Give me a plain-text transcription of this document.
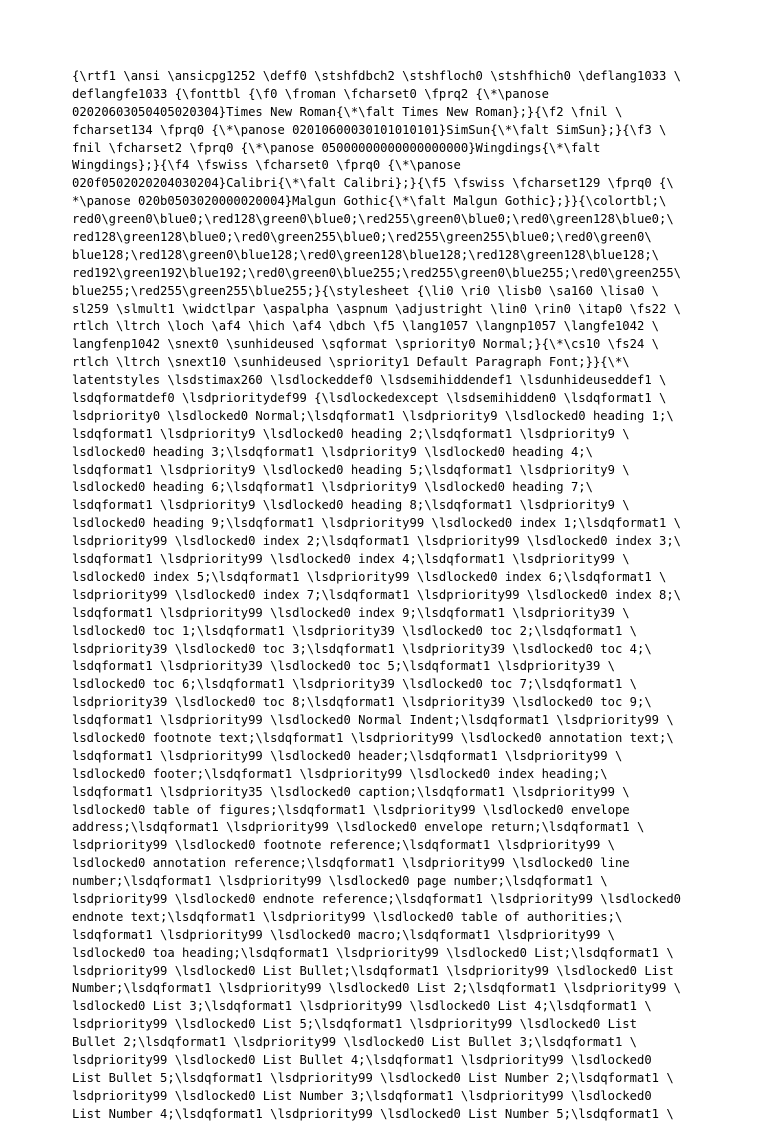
{\rtf1 \ansi \ansicpg1252 \deff0 \stshfdbch2 \stshfloch0 \stshfhich0 \deflang1033 \
deflangfe1033 {\fonttbl {\f0 \froman \fcharset0 \fprq2 {\*\panose
02020603050405020304}Times New Roman{\*\falt Times New Roman};}{\f2 \fnil \
fcharset134 \fprq0 {\*\panose 02010600030101010101}SimSun{\*\falt SimSun};}{\f3 \
fnil \fcharset2 \fprq0 {\*\panose 05000000000000000000}Wingdings{\*\falt
Wingdings};}{\f4 \fswiss \fcharset0 \fprq0 {\*\panose
020f0502020204030204}Calibri{\*\falt Calibri};}{\f5 \fswiss \fcharset129 \fprq0 {\
*\panose 020b0503020000020004}Malgun Gothic{\*\falt Malgun Gothic};}}{\colortbl;\
red0\green0\blue0;\red128\green0\blue0;\red255\green0\blue0;\red0\green128\blue0;\
red128\green128\blue0;\red0\green255\blue0;\red255\green255\blue0;\red0\green0\
blue128;\red128\green0\blue128;\red0\green128\blue128;\red128\green128\blue128;\
red192\green192\blue192;\red0\green0\blue255;\red255\green0\blue255;\red0\green255\
blue255;\red255\green255\blue255;}{\stylesheet {\li0 \ri0 \lisb0 \sa160 \lisa0 \
sl259 \slmult1 \widctlpar \aspalpha \aspnum \adjustright \lin0 \rin0 \itap0 \fs22 \
rtlch \ltrch \loch \af4 \hich \af4 \dbch \f5 \lang1057 \langnp1057 \langfe1042 \
langfenp1042 \snext0 \sunhideused \sqformat \spriority0 Normal;}{\*\cs10 \fs24 \
rtlch \ltrch \snext10 \sunhideused \spriority1 Default Paragraph Font;}}{\*\
latentstyles \lsdstimax260 \lsdlockeddef0 \lsdsemihiddendef1 \lsdunhideuseddef1 \
lsdqformatdef0 \lsdprioritydef99 {\lsdlockedexcept \lsdsemihidden0 \lsdqformat1 \
lsdpriority0 \lsdlocked0 Normal;\lsdqformat1 \lsdpriority9 \lsdlocked0 heading 1;\
lsdqformat1 \lsdpriority9 \lsdlocked0 heading 2;\lsdqformat1 \lsdpriority9 \
lsdlocked0 heading 3;\lsdqformat1 \lsdpriority9 \lsdlocked0 heading 4;\
lsdqformat1 \lsdpriority9 \lsdlocked0 heading 5;\lsdqformat1 \lsdpriority9 \
lsdlocked0 heading 6;\lsdqformat1 \lsdpriority9 \lsdlocked0 heading 7;\
lsdqformat1 \lsdpriority9 \lsdlocked0 heading 8;\lsdqformat1 \lsdpriority9 \
lsdlocked0 heading 9;\lsdqformat1 \lsdpriority99 \lsdlocked0 index 1;\lsdqformat1 \
lsdpriority99 \lsdlocked0 index 2;\lsdqformat1 \lsdpriority99 \lsdlocked0 index 3;\
lsdqformat1 \lsdpriority99 \lsdlocked0 index 4;\lsdqformat1 \lsdpriority99 \
lsdlocked0 index 5;\lsdqformat1 \lsdpriority99 \lsdlocked0 index 6;\lsdqformat1 \
lsdpriority99 \lsdlocked0 index 7;\lsdqformat1 \lsdpriority99 \lsdlocked0 index 8;\
lsdqformat1 \lsdpriority99 \lsdlocked0 index 9;\lsdqformat1 \lsdpriority39 \
lsdlocked0 toc 1;\lsdqformat1 \lsdpriority39 \lsdlocked0 toc 2;\lsdqformat1 \
lsdpriority39 \lsdlocked0 toc 3;\lsdqformat1 \lsdpriority39 \lsdlocked0 toc 4;\
lsdqformat1 \lsdpriority39 \lsdlocked0 toc 5;\lsdqformat1 \lsdpriority39 \
lsdlocked0 toc 6;\lsdqformat1 \lsdpriority39 \lsdlocked0 toc 7;\lsdqformat1 \
lsdpriority39 \lsdlocked0 toc 8;\lsdqformat1 \lsdpriority39 \lsdlocked0 toc 9;\
lsdqformat1 \lsdpriority99 \lsdlocked0 Normal Indent;\lsdqformat1 \lsdpriority99 \
lsdlocked0 footnote text;\lsdqformat1 \lsdpriority99 \lsdlocked0 annotation text;\
lsdqformat1 \lsdpriority99 \lsdlocked0 header;\lsdqformat1 \lsdpriority99 \
lsdlocked0 footer;\lsdqformat1 \lsdpriority99 \lsdlocked0 index heading;\
lsdqformat1 \lsdpriority35 \lsdlocked0 caption;\lsdqformat1 \lsdpriority99 \
lsdlocked0 table of figures;\lsdqformat1 \lsdpriority99 \lsdlocked0 envelope
address;\lsdqformat1 \lsdpriority99 \lsdlocked0 envelope return;\lsdqformat1 \
lsdpriority99 \lsdlocked0 footnote reference;\lsdqformat1 \lsdpriority99 \
lsdlocked0 annotation reference;\lsdqformat1 \lsdpriority99 \lsdlocked0 line
number;\lsdqformat1 \lsdpriority99 \lsdlocked0 page number;\lsdqformat1 \
lsdpriority99 \lsdlocked0 endnote reference;\lsdqformat1 \lsdpriority99 \lsdlocked0
endnote text;\lsdqformat1 \lsdpriority99 \lsdlocked0 table of authorities;\
lsdqformat1 \lsdpriority99 \lsdlocked0 macro;\lsdqformat1 \lsdpriority99 \
lsdlocked0 toa heading;\lsdqformat1 \lsdpriority99 \lsdlocked0 List;\lsdqformat1 \
lsdpriority99 \lsdlocked0 List Bullet;\lsdqformat1 \lsdpriority99 \lsdlocked0 List
Number;\lsdqformat1 \lsdpriority99 \lsdlocked0 List 2;\lsdqformat1 \lsdpriority99 \
lsdlocked0 List 3;\lsdqformat1 \lsdpriority99 \lsdlocked0 List 4;\lsdqformat1 \
lsdpriority99 \lsdlocked0 List 5;\lsdqformat1 \lsdpriority99 \lsdlocked0 List
Bullet 2;\lsdqformat1 \lsdpriority99 \lsdlocked0 List Bullet 3;\lsdqformat1 \
lsdpriority99 \lsdlocked0 List Bullet 4;\lsdqformat1 \lsdpriority99 \lsdlocked0
List Bullet 5;\lsdqformat1 \lsdpriority99 \lsdlocked0 List Number 2;\lsdqformat1 \
lsdpriority99 \lsdlocked0 List Number 3;\lsdqformat1 \lsdpriority99 \lsdlocked0
List Number 4;\lsdqformat1 \lsdpriority99 \lsdlocked0 List Number 5;\lsdqformat1 \
